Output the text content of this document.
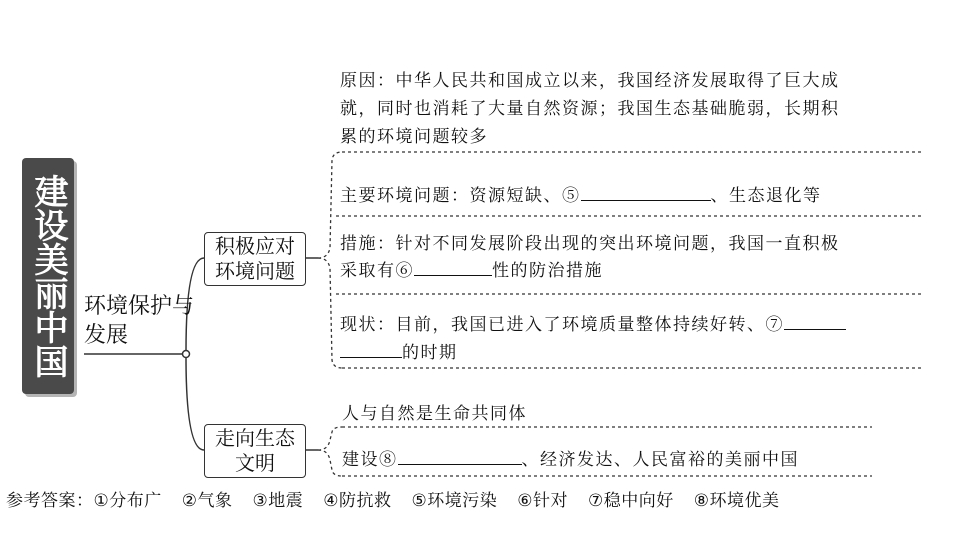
建设美丽中国 环境保护与发展
积极应对环境问题
走向生态文明
原因：中华人民共和国成立以来，我国经济发展取得了巨大成
就，同时也消耗了大量自然资源；我国生态基础脆弱，长期积
累的环境问题较多
主要环境问题：资源短缺、⑤	、生态退化等
措施：针对不同发展阶段出现的突出环境问题，我国一直积极
采取有⑥	性的防治措施
现状：目前，我国已进入了环境质量整体持续好转、⑦
的时期
人与自然是生命共同体
建设⑧	、经济发达、人民富裕的美丽中国
参考答案：①分布广 ②气象 ③地震 ④防抗救 ⑤环境污染 ⑥针对 ⑦稳中向好 ⑧环境优美
